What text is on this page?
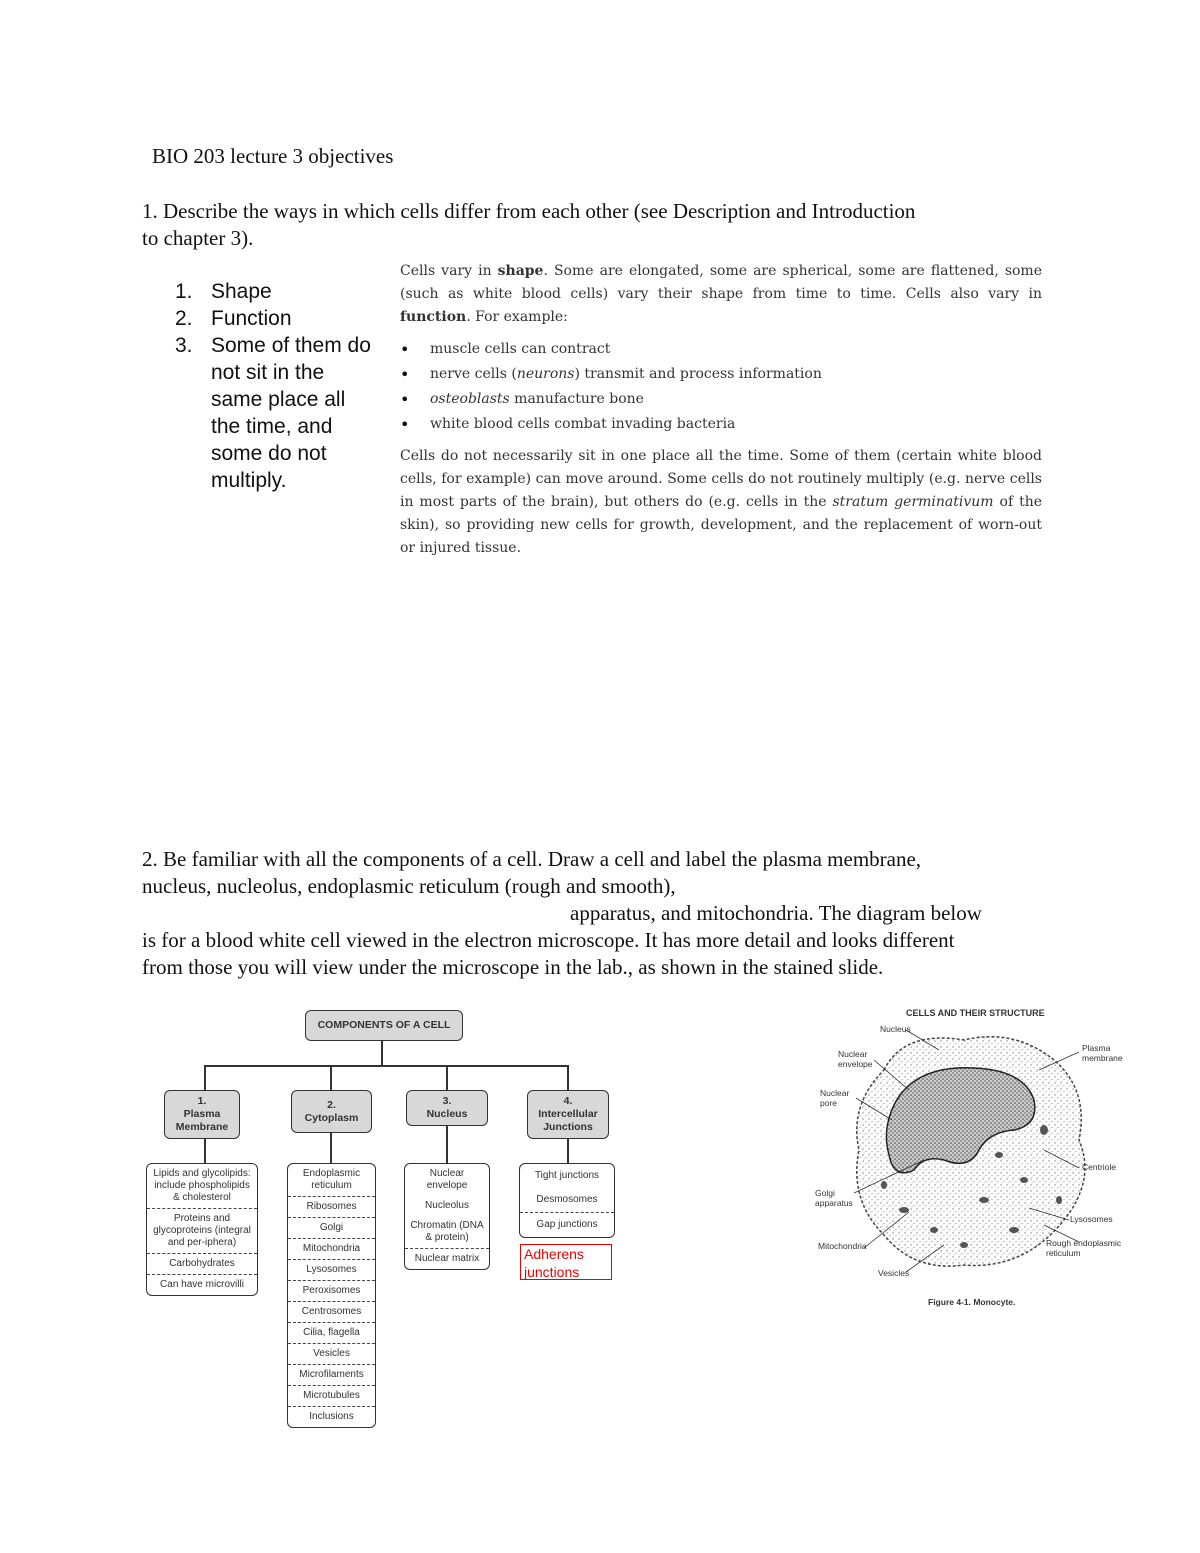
BIO 203 lecture 3 objectives
1. Describe the ways in which cells differ from each other (see Description and Introduction
to chapter 3).
1. Shape
2. Function
3. Some of them do not sit in the same place all the time, and some do not multiply.

Cells vary in shape. Some are elongated, some are spherical, some are flattened, some (such as white blood cells) vary their shape from time to time. Cells also vary in function. For example:

• muscle cells can contract
• nerve cells (neurons) transmit and process information
• osteoblasts manufacture bone
• white blood cells combat invading bacteria

Cells do not necessarily sit in one place all the time. Some of them (certain white blood cells, for example) can move around. Some cells do not routinely multiply (e.g. nerve cells in most parts of the brain), but others do (e.g. cells in the stratum germinativum of the skin), so providing new cells for growth, development, and the replacement of worn-out or injured tissue.

2. Be familiar with all the components of a cell. Draw a cell and label the plasma membrane,
nucleus, nucleolus, endoplasmic reticulum (rough and smooth),
apparatus, and mitochondria. The diagram below
is for a blood white cell viewed in the electron microscope. It has more detail and looks different
from those you will view under the microscope in the lab., as shown in the stained slide.
COMPONENTS OF A CELL
1.
Plasma
Membrane
2.
Cytoplasm
3.
Nucleus
4.
Intercellular
Junctions
Lipids and glycolipids: include phospholipids & cholesterol
Proteins and glycoproteins (integral and per-iphera)
Carbohydrates
Can have microvilli
Endoplasmic reticulum
Ribosomes
Golgi
Mitochondria
Lysosomes
Peroxisomes
Centrosomes
Cilia, flagella
Vesicles
Microfilaments
Microtubules
Inclusions
Nuclear envelope
Nucleolus
Chromatin (DNA & protein)
Nuclear matrix
Tight junctions
Desmosomes
Gap junctions
Adherens junctions
CELLS AND THEIR STRUCTURE
Nucleus
Nuclear envelope
Nuclear pore
Golgi apparatus
Mitochondria
Vesicles
Plasma membrane
Centriole
Lysosomes
Rough endoplasmic reticulum
Figure 4-1. Monocyte.
